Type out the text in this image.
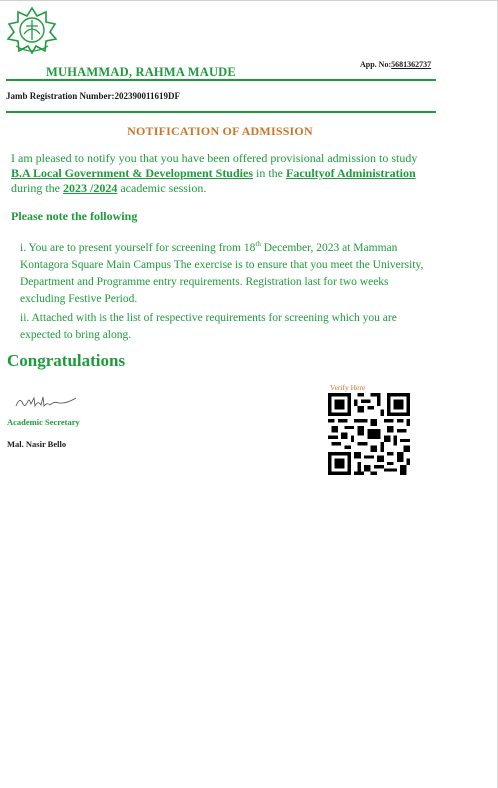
App. No:5681362737
MUHAMMAD, RAHMA MAUDE
Jamb Registration Number:202390011619DF
NOTIFICATION OF ADMISSION
I am pleased to notify you that you have been offered provisional admission to study B.A Local Government & Development Studies in the Facultyof Administration during the 2023 /2024 academic session.
Please note the following
i. You are to present yourself for screening from 18th December, 2023 at Mamman Kontagora Square Main Campus The exercise is to ensure that you meet the University, Department and Programme entry requirements. Registration last for two weeks excluding Festive Period.
ii. Attached with is the list of respective requirements for screening which you are expected to bring along.
Congratulations
Academic Secretary
Mal. Nasir Bello
Verify Here
